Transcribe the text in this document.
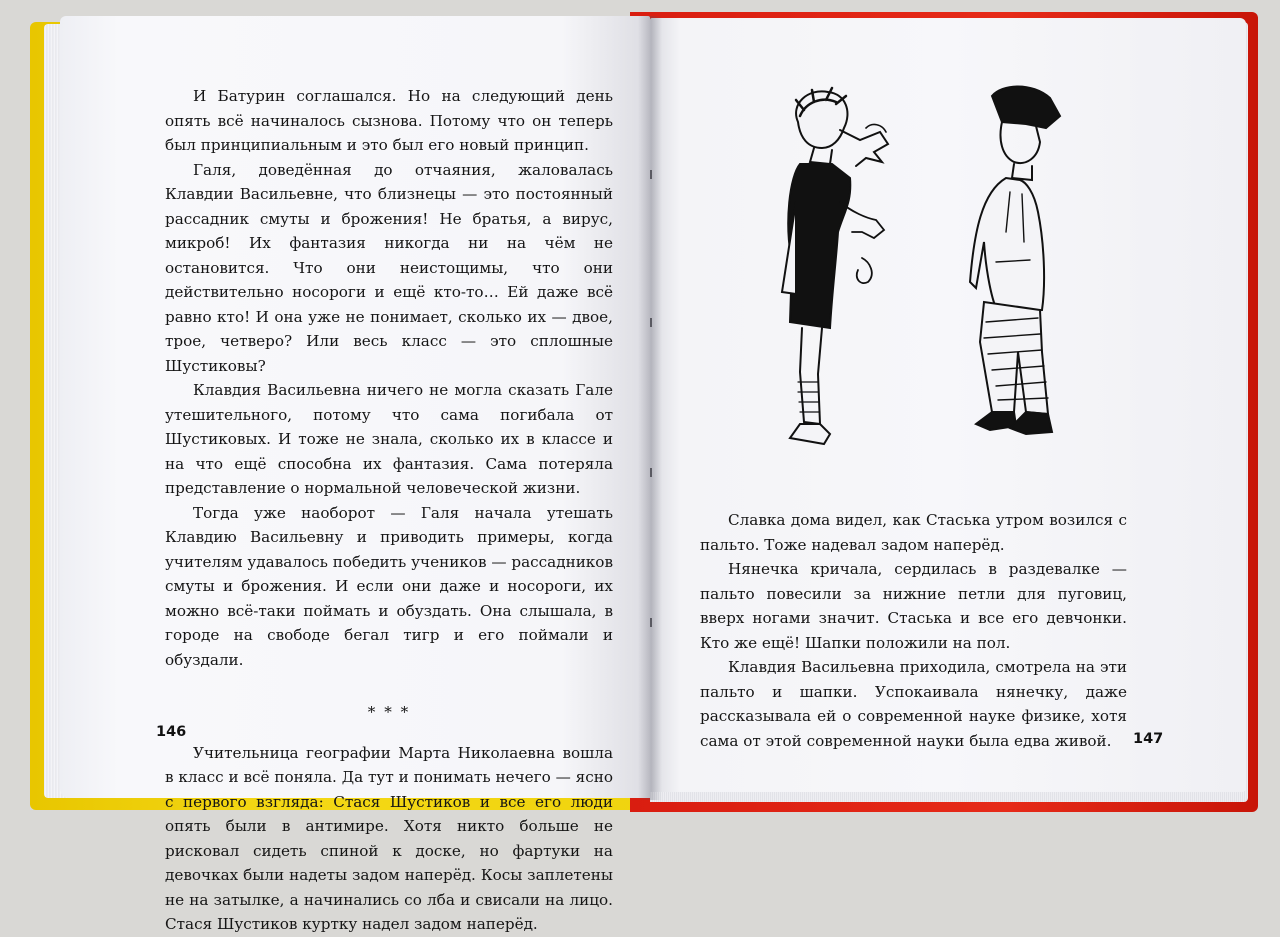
И Батурин соглашался. Но на следующий день опять всё начиналось сызнова. Потому что он теперь был принципиальным и это был его новый принцип.

Галя, доведённая до отчаяния, жаловалась Клавдии Васильевне, что близнецы — это постоянный рассадник смуты и брожения! Не братья, а вирус, микроб! Их фантазия никогда ни на чём не остановится. Что они неистощимы, что они действительно носороги и ещё кто-то… Ей даже всё равно кто! И она уже не понимает, сколько их — двое, трое, четверо? Или весь класс — это сплошные Шустиковы?

Клавдия Васильевна ничего не могла сказать Гале утешительного, потому что сама погибала от Шустиковых. И тоже не знала, сколько их в классе и на что ещё способна их фантазия. Сама потеряла представление о нормальной человеческой жизни.

Тогда уже наоборот — Галя начала утешать Клавдию Васильевну и приводить примеры, когда учителям удавалось победить учеников — рассадников смуты и брожения. И если они даже и носороги, их можно всё-таки поймать и обуздать. Она слышала, в городе на свободе бегал тигр и его поймали и обуздали.

* * *

Учительница географии Марта Николаевна вошла в класс и всё поняла. Да тут и понимать нечего — ясно с первого взгляда: Стася Шустиков и все его люди опять были в антимире. Хотя никто больше не рисковал сидеть спиной к доске, но фартуки на девочках были надеты задом наперёд. Косы заплетены не на затылке, а начинались со лба и свисали на лицо. Стася Шустиков куртку надел задом наперёд.

146

Славка дома видел, как Стаська утром возился с пальто. Тоже надевал задом наперёд.

Нянечка кричала, сердилась в раздевалке — пальто повесили за нижние петли для пуговиц, вверх ногами значит. Стаська и все его девчонки. Кто же ещё! Шапки положили на пол.

Клавдия Васильевна приходила, смотрела на эти пальто и шапки. Успокаивала нянечку, даже рассказывала ей о современной науке физике, хотя сама от этой современной науки была едва живой.	147
